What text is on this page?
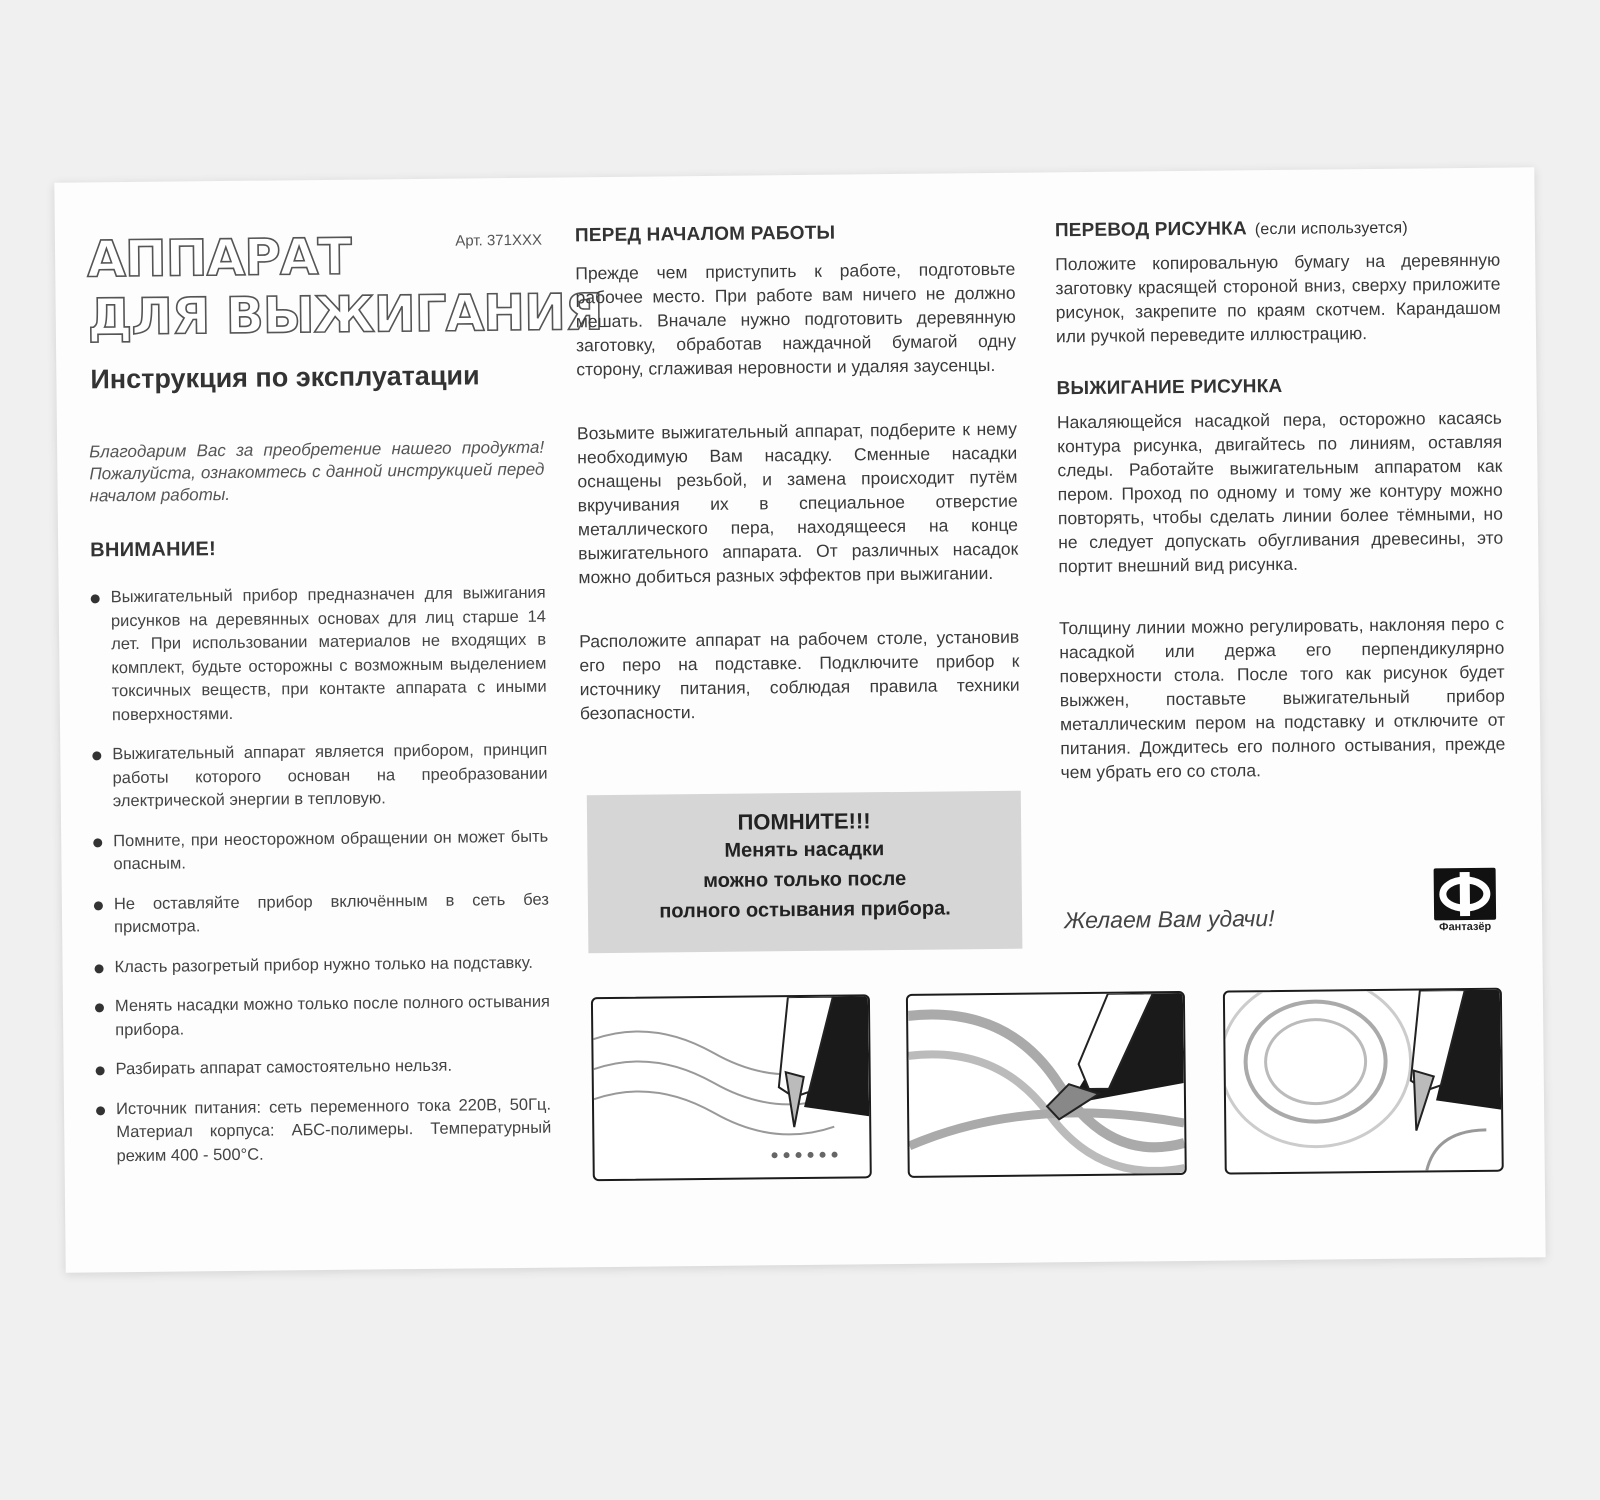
АППАРАТ
ДЛЯ ВЫЖИГАНИЯ
Арт. 371XXX
Инструкция по эксплуатации
Благодарим Вас за преобретение нашего продукта! Пожалуйста, ознакомтесь с данной инструкцией перед началом работы.
ВНИМАНИЕ!
Выжигательный прибор предназначен для выжигания рисунков на деревянных основах для лиц старше 14 лет. При использовании материалов не входящих в комплект, будьте осторожны с возможным выделением токсичных веществ, при контакте аппарата с иными поверхностями.
Выжигательный аппарат является прибором, принцип работы которого основан на преобразовании электрической энергии в тепловую.
Помните, при неосторожном обращении он может быть опасным.
Не оставляйте прибор включённым в сеть без присмотра.
Класть разогретый прибор нужно только на подставку.
Менять насадки можно только после полного остывания прибора.
Разбирать аппарат самостоятельно нельзя.
Источник питания: сеть переменного тока 220В, 50Гц. Материал корпуса: АБС-полимеры. Температурный режим 400 - 500°С.
ПЕРЕД НАЧАЛОМ РАБОТЫ

Прежде чем приступить к работе, подготовьте рабочее место. При работе вам ничего не должно мешать. Вначале нужно подготовить деревянную заготовку, обработав наждачной бумагой одну сторону, сглаживая неровности и удаляя заусенцы.

Возьмите выжигательный аппарат, подберите к нему необходимую Вам насадку. Сменные насадки оснащены резьбой, и замена происходит путём вкручивания их в специальное отверстие металлического пера, находящееся на конце выжигательного аппарата. От различных насадок можно добиться разных эффектов при выжигании.

Расположите аппарат на рабочем столе, установив его перо на подставке. Подключите прибор к источнику питания, соблюдая правила техники безопасности.

ПОМНИТЕ!!!
Менять насадки
можно только после
полного остывания прибора.
ПЕРЕВОД РИСУНКА (если используется)

Положите копировальную бумагу на деревянную заготовку красящей стороной вниз, сверху приложите рисунок, закрепите по краям скотчем. Карандашом или ручкой переведите иллюстрацию.

ВЫЖИГАНИЕ РИСУНКА

Накаляющейся насадкой пера, осторожно касаясь контура рисунка, двигайтесь по линиям, оставляя следы. Работайте выжигательным аппаратом как пером. Проход по одному и тому же контуру можно повторять, чтобы сделать линии более тёмными, но не следует допускать обугливания древесины, это портит внешний вид рисунка.

Толщину линии можно регулировать, наклоняя перо с насадкой или держа его перпендикулярно поверхности стола. После того как рисунок будет выжжен, поставьте выжигательный прибор металлическим пером на подставку и отключите от питания. Дождитесь его полного остывания, прежде чем убрать его со стола.

Желаем Вам удачи!	Фантазёр
